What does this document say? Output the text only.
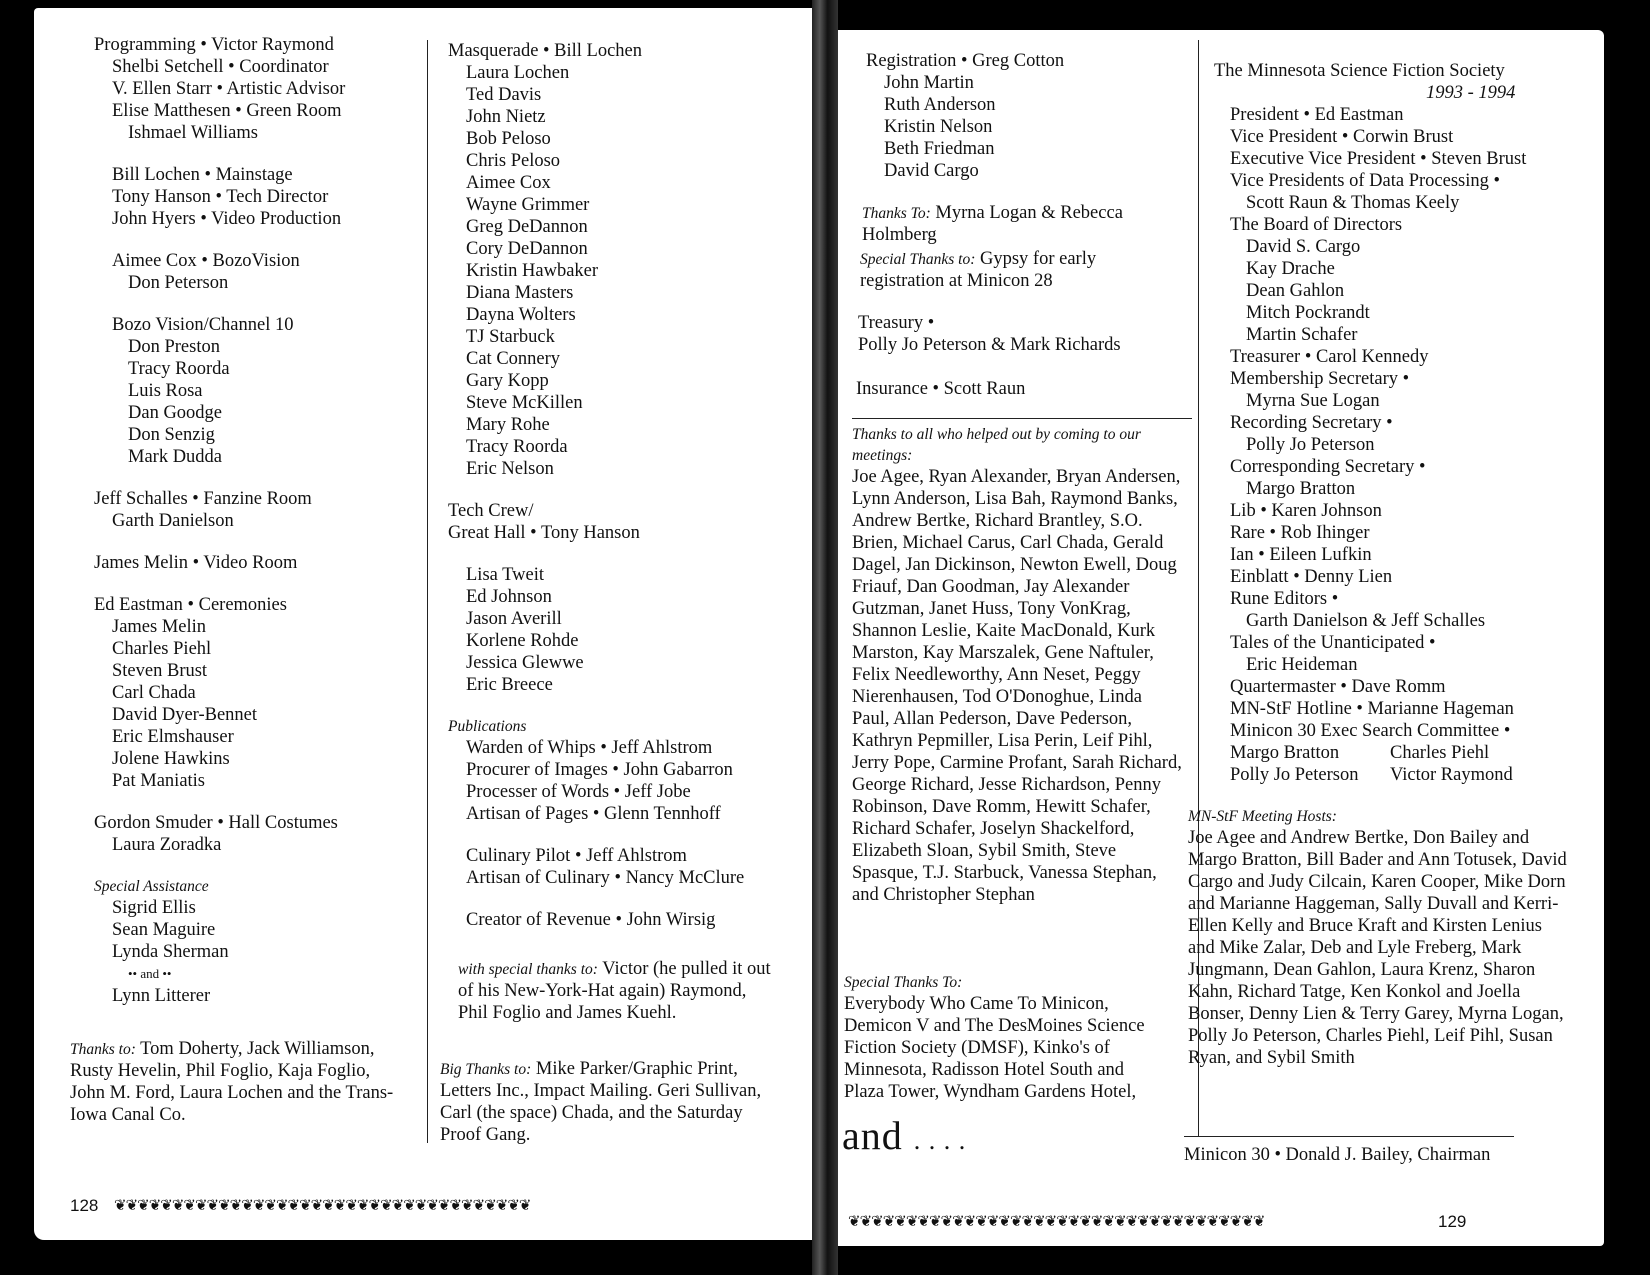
Programming • Victor Raymond
Shelbi Setchell • Coordinator
V. Ellen Starr • Artistic Advisor
Elise Matthesen • Green Room
Ishmael Williams
Bill Lochen • Mainstage
Tony Hanson • Tech Director
John Hyers • Video Production
Aimee Cox • BozoVision
Don Peterson
Bozo Vision/Channel 10
Don Preston
Tracy Roorda
Luis Rosa
Dan Goodge
Don Senzig
Mark Dudda
Jeff Schalles • Fanzine Room
Garth Danielson
James Melin • Video Room
Ed Eastman • Ceremonies
James Melin
Charles Piehl
Steven Brust
Carl Chada
David Dyer-Bennet
Eric Elmshauser
Jolene Hawkins
Pat Maniatis
Gordon Smuder • Hall Costumes
Laura Zoradka
Special Assistance
Sigrid Ellis
Sean Maguire
Lynda Sherman
•• and ••
Lynn Litterer
Thanks to: Tom Doherty, Jack Williamson, Rusty Hevelin, Phil Foglio, Kaja Foglio, John M. Ford, Laura Lochen and the Trans-Iowa Canal Co.
Masquerade • Bill Lochen
Laura Lochen
Ted Davis
John Nietz
Bob Peloso
Chris Peloso
Aimee Cox
Wayne Grimmer
Greg DeDannon
Cory DeDannon
Kristin Hawbaker
Diana Masters
Dayna Wolters
TJ Starbuck
Cat Connery
Gary Kopp
Steve McKillen
Mary Rohe
Tracy Roorda
Eric Nelson
Tech Crew/
Great Hall • Tony Hanson
Lisa Tweit
Ed Johnson
Jason Averill
Korlene Rohde
Jessica Glewwe
Eric Breece
Publications
Warden of Whips • Jeff Ahlstrom
Procurer of Images • John Gabarron
Processer of Words • Jeff Jobe
Artisan of Pages • Glenn Tennhoff
Culinary Pilot • Jeff Ahlstrom
Artisan of Culinary • Nancy McClure
Creator of Revenue • John Wirsig
with special thanks to: Victor (he pulled it out of his New-York-Hat again) Raymond, Phil Foglio and James Kuehl.
Big Thanks to: Mike Parker/Graphic Print, Letters Inc., Impact Mailing. Geri Sullivan, Carl (the space) Chada, and the Saturday Proof Gang.
128 ❦❦❦❦❦❦❦❦❦❦❦❦❦❦❦❦❦❦❦❦❦❦❦❦❦❦❦❦❦❦❦❦❦❦❦❦
Registration • Greg Cotton
John Martin
Ruth Anderson
Kristin Nelson
Beth Friedman
David Cargo
Thanks To: Myrna Logan & Rebecca Holmberg
Special Thanks to: Gypsy for early registration at Minicon 28
Treasury •
Polly Jo Peterson & Mark Richards
Insurance • Scott Raun
Thanks to all who helped out by coming to our meetings:
Joe Agee, Ryan Alexander, Bryan Andersen, Lynn Anderson, Lisa Bah, Raymond Banks, Andrew Bertke, Richard Brantley, S.O. Brien, Michael Carus, Carl Chada, Gerald Dagel, Jan Dickinson, Newton Ewell, Doug Friauf, Dan Goodman, Jay Alexander Gutzman, Janet Huss, Tony VonKrag, Shannon Leslie, Kaite MacDonald, Kurk Marston, Kay Marszalek, Gene Naftuler, Felix Needleworthy, Ann Neset, Peggy Nierenhausen, Tod O'Donoghue, Linda Paul, Allan Pederson, Dave Pederson, Kathryn Pepmiller, Lisa Perin, Leif Pihl, Jerry Pope, Carmine Profant, Sarah Richard, George Richard, Jesse Richardson, Penny Robinson, Dave Romm, Hewitt Schafer, Richard Schafer, Joselyn Shackelford, Elizabeth Sloan, Sybil Smith, Steve Spasque, T.J. Starbuck, Vanessa Stephan, and Christopher Stephan
Special Thanks To:
Everybody Who Came To Minicon, Demicon V and The DesMoines Science Fiction Society (DMSF), Kinko's of Minnesota, Radisson Hotel South and Plaza Tower, Wyndham Gardens Hotel,
and . . . .
The Minnesota Science Fiction Society
1993 - 1994
President • Ed Eastman
Vice President • Corwin Brust
Executive Vice President • Steven Brust
Vice Presidents of Data Processing •
Scott Raun & Thomas Keely
The Board of Directors
David S. Cargo
Kay Drache
Dean Gahlon
Mitch Pockrandt
Martin Schafer
Treasurer • Carol Kennedy
Membership Secretary •
Myrna Sue Logan
Recording Secretary •
Polly Jo Peterson
Corresponding Secretary •
Margo Bratton
Lib • Karen Johnson
Rare • Rob Ihinger
Ian • Eileen Lufkin
Einblatt • Denny Lien
Rune Editors •
Garth Danielson & Jeff Schalles
Tales of the Unanticipated •
Eric Heideman
Quartermaster • Dave Romm
MN-StF Hotline • Marianne Hageman
Minicon 30 Exec Search Committee •
Margo Bratton	Charles Piehl
Polly Jo Peterson Victor Raymond
MN-StF Meeting Hosts:
Joe Agee and Andrew Bertke, Don Bailey and Margo Bratton, Bill Bader and Ann Totusek, David Cargo and Judy Cilcain, Karen Cooper, Mike Dorn and Marianne Haggeman, Sally Duvall and Kerri-Ellen Kelly and Bruce Kraft and Kirsten Lenius and Mike Zalar, Deb and Lyle Freberg, Mark Jungmann, Dean Gahlon, Laura Krenz, Sharon Kahn, Richard Tatge, Ken Konkol and Joella Bonser, Denny Lien & Terry Garey, Myrna Logan, Polly Jo Peterson, Charles Piehl, Leif Pihl, Susan Ryan, and Sybil Smith
Minicon 30 • Donald J. Bailey, Chairman
❦❦❦❦❦❦❦❦❦❦❦❦❦❦❦❦❦❦❦❦❦❦❦❦❦❦❦❦❦❦❦❦❦❦❦❦	129
